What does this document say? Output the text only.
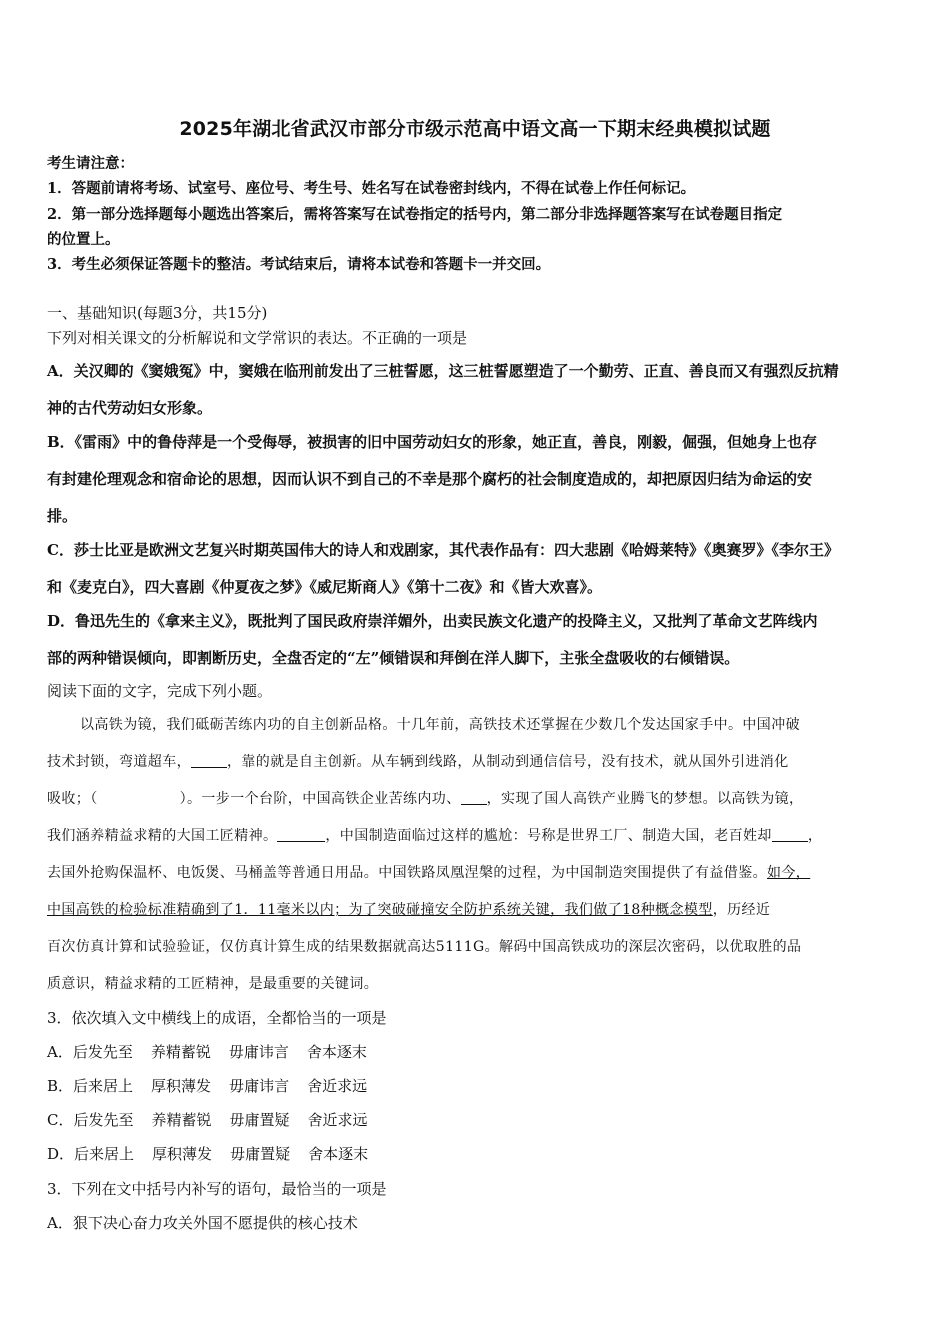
2025年湖北省武汉市部分市级示范高中语文高一下期末经典模拟试题
考生请注意：
1．答题前请将考场、试室号、座位号、考生号、姓名写在试卷密封线内，不得在试卷上作任何标记。
2．第一部分选择题每小题选出答案后，需将答案写在试卷指定的括号内，第二部分非选择题答案写在试卷题目指定
的位置上。
3．考生必须保证答题卡的整洁。考试结束后，请将本试卷和答题卡一并交回。
一、基础知识(每题3分，共15分)
下列对相关课文的分析解说和文学常识的表达。不正确的一项是
A．关汉卿的《窦娥冤》中，窦娥在临刑前发出了三桩誓愿，这三桩誓愿塑造了一个勤劳、正直、善良而又有强烈反抗精
神的古代劳动妇女形象。
B．《雷雨》中的鲁侍萍是一个受侮辱，被损害的旧中国劳动妇女的形象，她正直，善良，刚毅，倔强，但她身上也存
有封建伦理观念和宿命论的思想，因而认识不到自己的不幸是那个腐朽的社会制度造成的，却把原因归结为命运的安
排。
C．莎士比亚是欧洲文艺复兴时期英国伟大的诗人和戏剧家，其代表作品有：四大悲剧《哈姆莱特》《奥赛罗》《李尔王》
和《麦克白》，四大喜剧《仲夏夜之梦》《威尼斯商人》《第十二夜》和《皆大欢喜》。
D．鲁迅先生的《拿来主义》，既批判了国民政府崇洋媚外，出卖民族文化遗产的投降主义，又批判了革命文艺阵线内
部的两种错误倾向，即割断历史，全盘否定的“左”倾错误和拜倒在洋人脚下，主张全盘吸收的右倾错误。
阅读下面的文字，完成下列小题。
以高铁为镜，我们砥砺苦练内功的自主创新品格。十几年前，高铁技术还掌握在少数几个发达国家手中。中国冲破
技术封锁，弯道超车，	，靠的就是自主创新。从车辆到线路，从制动到通信信号，没有技术，就从国外引进消化
吸收；（	）。一步一个台阶，中国高铁企业苦练内功、 ，实现了国人高铁产业腾飞的梦想。以高铁为镜，
我们涵养精益求精的大国工匠精神。	，中国制造面临过这样的尴尬：号称是世界工厂、制造大国，老百姓却	，
去国外抢购保温杯、电饭煲、马桶盖等普通日用品。中国铁路凤凰涅槃的过程，为中国制造突围提供了有益借鉴。如今，
中国高铁的检验标准精确到了1．11毫米以内；为了突破碰撞安全防护系统关键，我们做了18种概念模型，历经近
百次仿真计算和试验验证，仅仿真计算生成的结果数据就高达5111G。解码中国高铁成功的深层次密码，以优取胜的品
质意识，精益求精的工匠精神，是最重要的关键词。
3．依次填入文中横线上的成语，全都恰当的一项是
A．后发先至 养精蓄锐 毋庸讳言 舍本逐末
B．后来居上 厚积薄发 毋庸讳言 舍近求远
C．后发先至 养精蓄锐 毋庸置疑 舍近求远
D．后来居上 厚积薄发 毋庸置疑 舍本逐末
3．下列在文中括号内补写的语句，最恰当的一项是
A．狠下决心奋力攻关外国不愿提供的核心技术
